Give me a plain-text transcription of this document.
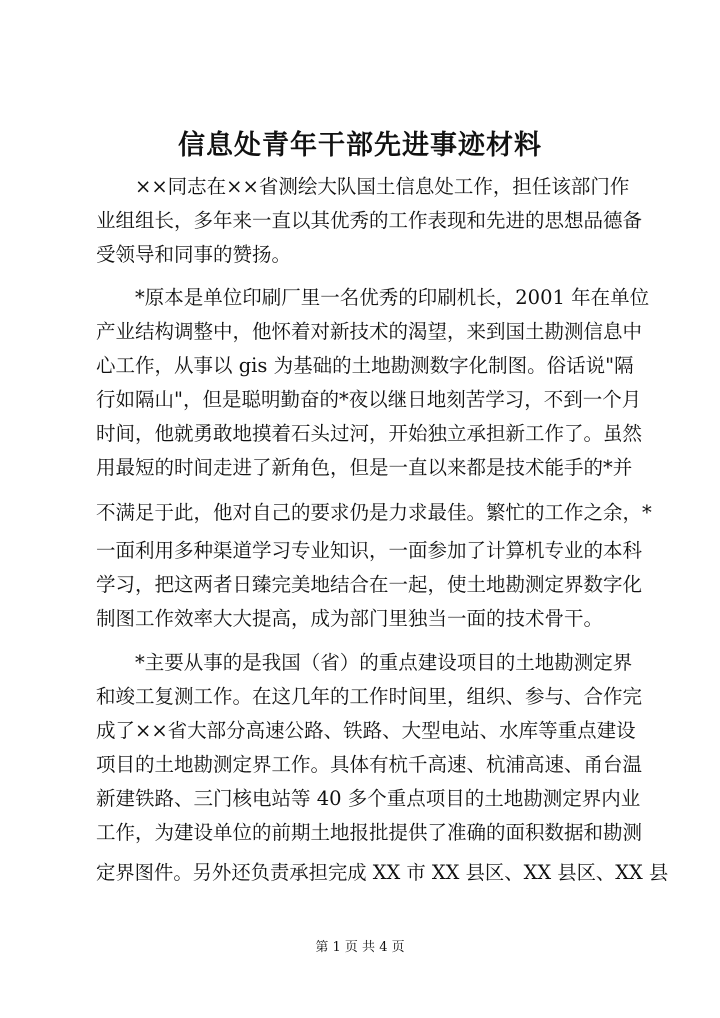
信息处青年干部先进事迹材料
××同志在××省测绘大队国土信息处工作，担任该部门作
业组组长，多年来一直以其优秀的工作表现和先进的思想品德备
受领导和同事的赞扬。
*原本是单位印刷厂里一名优秀的印刷机长，2001 年在单位
产业结构调整中，他怀着对新技术的渴望，来到国土勘测信息中
心工作，从事以 gis 为基础的土地勘测数字化制图。俗话说"隔
行如隔山"，但是聪明勤奋的*夜以继日地刻苦学习，不到一个月
时间，他就勇敢地摸着石头过河，开始独立承担新工作了。虽然
用最短的时间走进了新角色，但是一直以来都是技术能手的*并
不满足于此，他对自己的要求仍是力求最佳。繁忙的工作之余，*
一面利用多种渠道学习专业知识，一面参加了计算机专业的本科
学习，把这两者日臻完美地结合在一起，使土地勘测定界数字化
制图工作效率大大提高，成为部门里独当一面的技术骨干。
*主要从事的是我国（省）的重点建设项目的土地勘测定界
和竣工复测工作。在这几年的工作时间里，组织、参与、合作完
成了××省大部分高速公路、铁路、大型电站、水库等重点建设
项目的土地勘测定界工作。具体有杭千高速、杭浦高速、甬台温
新建铁路、三门核电站等 40 多个重点项目的土地勘测定界内业
工作，为建设单位的前期土地报批提供了准确的面积数据和勘测
定界图件。另外还负责承担完成 XX 市 XX 县区、XX 县区、XX 县
第 1 页 共 4 页
